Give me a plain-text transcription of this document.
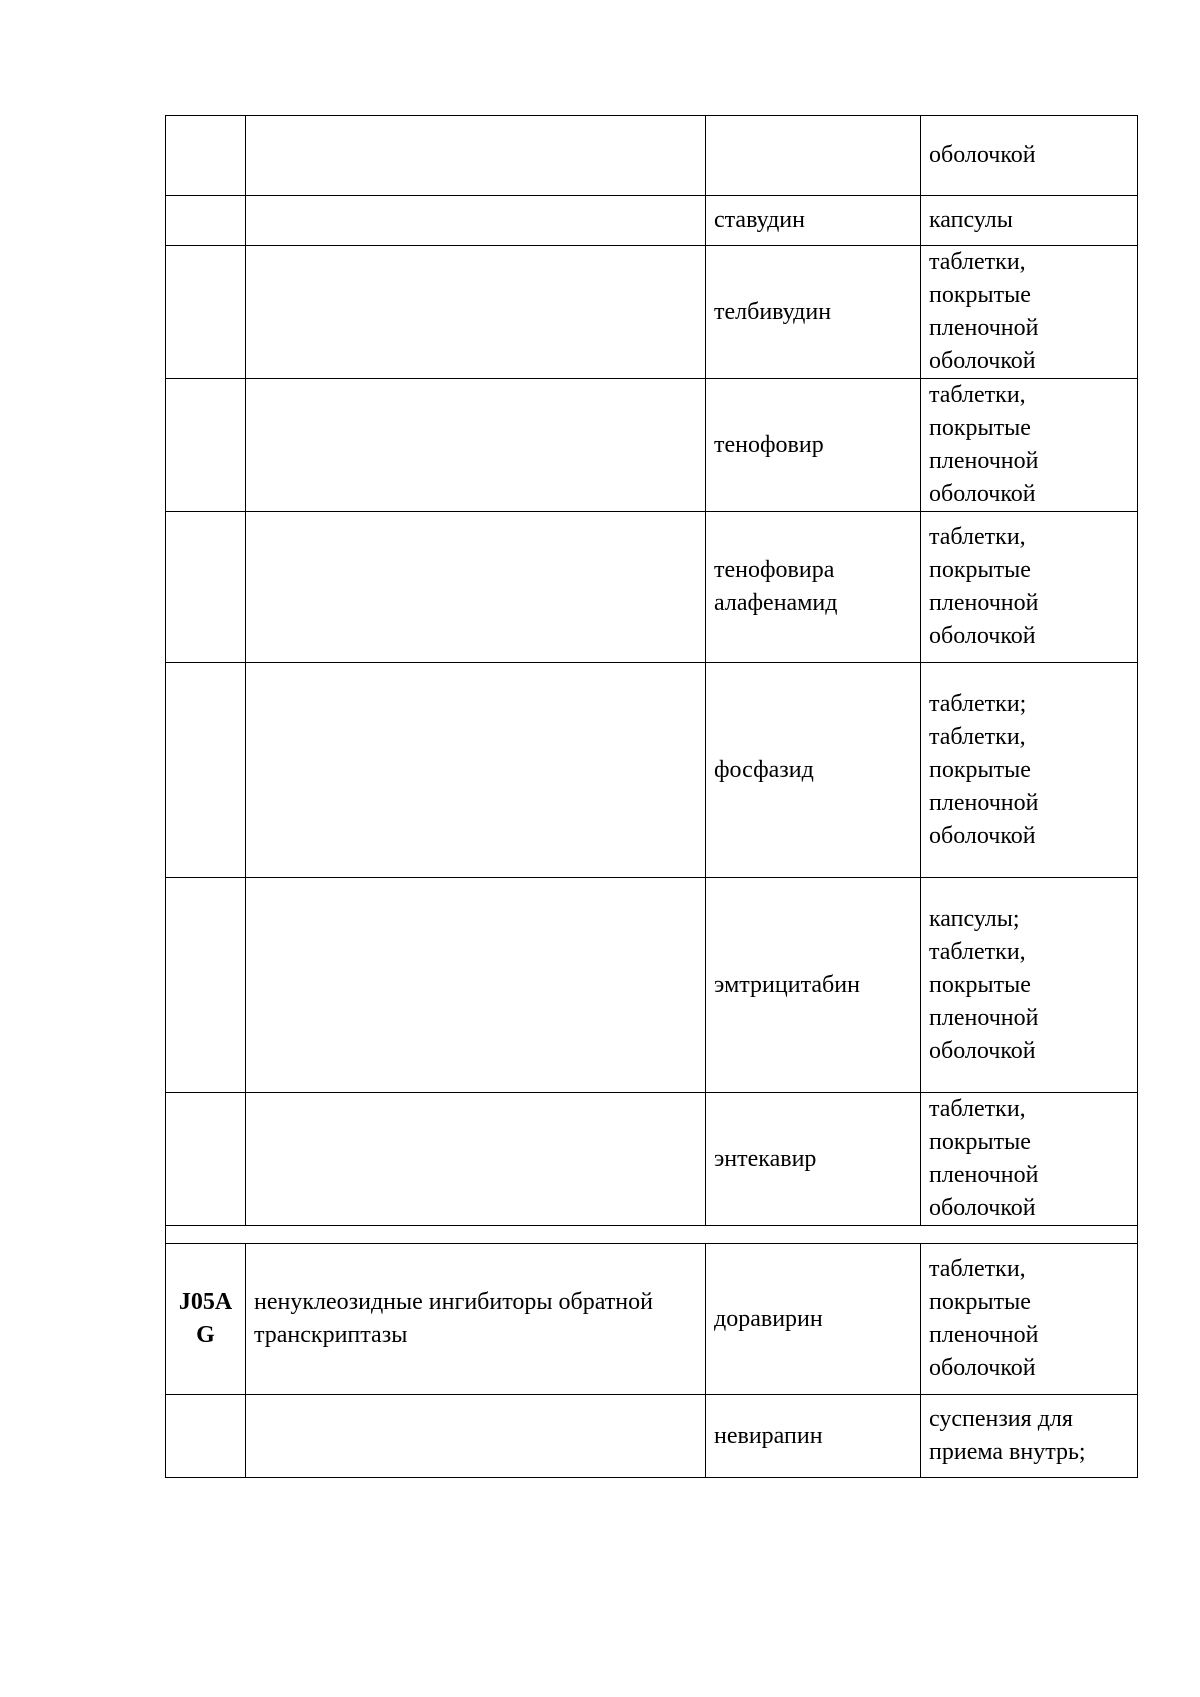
			оболочкой
		ставудин	капсулы
		телбивудин	таблетки,
покрытые
пленочной
оболочкой
		тенофовир	таблетки,
покрытые
пленочной
оболочкой
		тенофовира алафенамид	таблетки,
покрытые
пленочной
оболочкой
		фосфазид	таблетки;
таблетки,
покрытые
пленочной
оболочкой
		эмтрицитабин	капсулы;
таблетки,
покрытые
пленочной
оболочкой
		энтекавир	таблетки,
покрытые
пленочной
оболочкой

J05AG	ненуклеозидные ингибиторы обратной транскриптазы	доравирин	таблетки,
покрытые
пленочной
оболочкой
		невирапин	суспензия для
приема внутрь;
